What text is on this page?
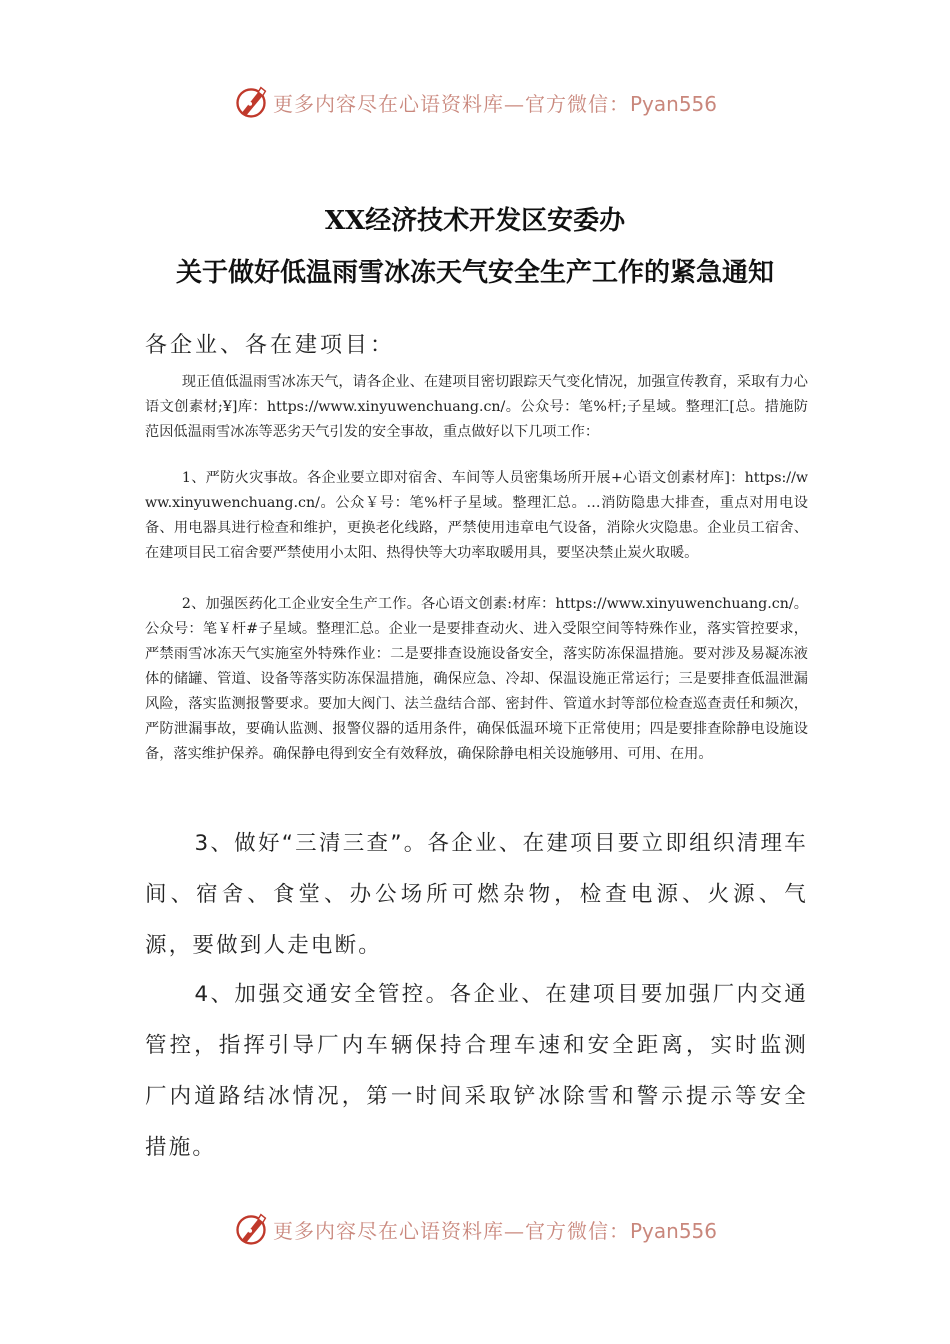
更多内容尽在心语资料库—官方微信：Pyan556
XX经济技术开发区安委办
关于做好低温雨雪冰冻天气安全生产工作的紧急通知
各企业、各在建项目：

现正值低温雨雪冰冻天气，请各企业、在建项目密切跟踪天气变化情况，加强宣传教育，采取有力心语文创素材;¥]库：https://www.xinyuwenchuang.cn/。公众号：笔%杆;子星域。整理汇[总。措施防范因低温雨雪冰冻等恶劣天气引发的安全事故，重点做好以下几项工作：

1、严防火灾事故。各企业要立即对宿舍、车间等人员密集场所开展+心语文创素材库]：https://www.xinyuwenchuang.cn/。公众￥号：笔%杆子星域。整理汇总。…消防隐患大排查，重点对用电设备、用电器具进行检查和维护，更换老化线路，严禁使用违章电气设备，消除火灾隐患。企业员工宿舍、在建项目民工宿舍要严禁使用小太阳、热得快等大功率取暖用具，要坚决禁止炭火取暖。

2、加强医药化工企业安全生产工作。各心语文创素:材库：https://www.xinyuwenchuang.cn/。公众号：笔￥杆#子星域。整理汇总。企业一是要排查动火、进入受限空间等特殊作业，落实管控要求，严禁雨雪冰冻天气实施室外特殊作业：二是要排查设施设备安全，落实防冻保温措施。要对涉及易凝冻液体的储罐、管道、设备等落实防冻保温措施，确保应急、冷却、保温设施正常运行；三是要排查低温泄漏风险，落实监测报警要求。要加大阀门、法兰盘结合部、密封件、管道水封等部位检查巡查责任和频次，严防泄漏事故，要确认监测、报警仪器的适用条件，确保低温环境下正常使用；四是要排查除静电设施设备，落实维护保养。确保静电得到安全有效释放，确保除静电相关设施够用、可用、在用。

3、做好“三清三查”。各企业、在建项目要立即组织清理车间、宿舍、食堂、办公场所可燃杂物，检查电源、火源、气源，要做到人走电断。

4、加强交通安全管控。各企业、在建项目要加强厂内交通管控，指挥引导厂内车辆保持合理车速和安全距离，实时监测厂内道路结冰情况，第一时间采取铲冰除雪和警示提示等安全措施。

更多内容尽在心语资料库—官方微信：Pyan556
